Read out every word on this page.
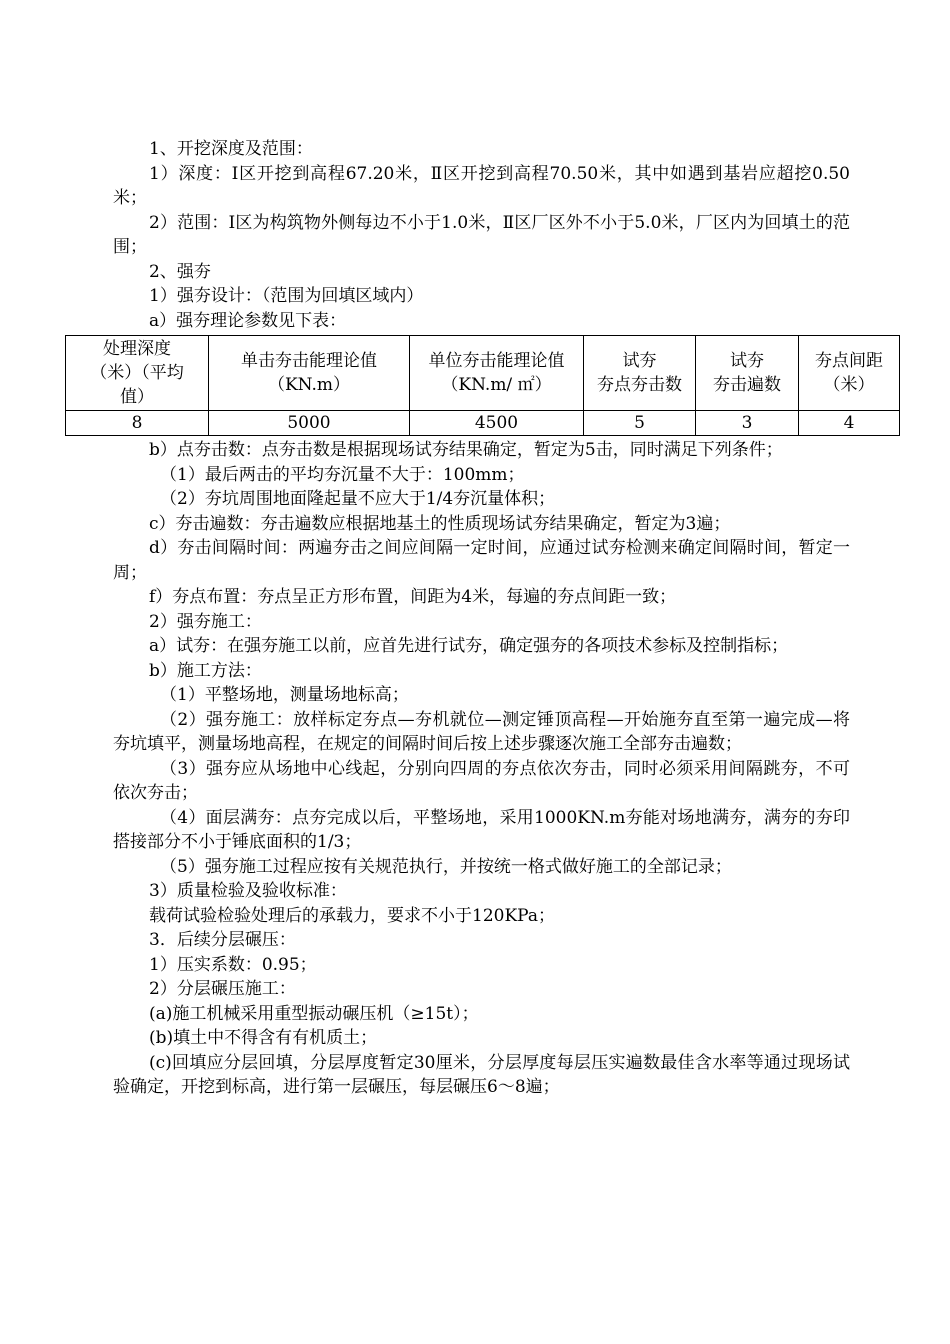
1、开挖深度及范围：

1）深度：Ⅰ区开挖到高程67.20米，Ⅱ区开挖到高程70.50米，其中如遇到基岩应超挖0.50米；

2）范围：Ⅰ区为构筑物外侧每边不小于1.0米，Ⅱ区厂区外不小于5.0米，厂区内为回填土的范围；

2、强夯

1）强夯设计：（范围为回填区域内）

a）强夯理论参数见下表：

处理深度
（米）（平均
值）	单击夯击能理论值
（KN.m）	单位夯击能理论值
（KN.m/ ㎡）	试夯
夯点夯击数	试夯
夯击遍数	夯点间距
（米）

8	5000	4500	5	3	4

b）点夯击数：点夯击数是根据现场试夯结果确定，暂定为5击，同时满足下列条件；

（1）最后两击的平均夯沉量不大于：100mm；

（2）夯坑周围地面隆起量不应大于1/4夯沉量体积；

c）夯击遍数：夯击遍数应根据地基土的性质现场试夯结果确定，暂定为3遍；

d）夯击间隔时间：两遍夯击之间应间隔一定时间，应通过试夯检测来确定间隔时间，暂定一周；

f）夯点布置：夯点呈正方形布置，间距为4米，每遍的夯点间距一致；

2）强夯施工：

a）试夯：在强夯施工以前，应首先进行试夯，确定强夯的各项技术参标及控制指标；

b）施工方法：

（1）平整场地，测量场地标高；

（2）强夯施工：放样标定夯点—夯机就位—测定锤顶高程—开始施夯直至第一遍完成—将夯坑填平，测量场地高程，在规定的间隔时间后按上述步骤逐次施工全部夯击遍数；

（3）强夯应从场地中心线起，分别向四周的夯点依次夯击，同时必须采用间隔跳夯，不可依次夯击；

（4）面层满夯：点夯完成以后，平整场地，采用1000KN.m夯能对场地满夯，满夯的夯印搭接部分不小于锤底面积的1/3；

（5）强夯施工过程应按有关规范执行，并按统一格式做好施工的全部记录；

3）质量检验及验收标准：

载荷试验检验处理后的承载力，要求不小于120KPa；

3．后续分层碾压：

1）压实系数：0.95；

2）分层碾压施工：

(a)施工机械采用重型振动碾压机（≥15t）；

(b)填土中不得含有有机质土；

(c)回填应分层回填，分层厚度暂定30厘米，分层厚度每层压实遍数最佳含水率等通过现场试验确定，开挖到标高，进行第一层碾压，每层碾压6～8遍；
